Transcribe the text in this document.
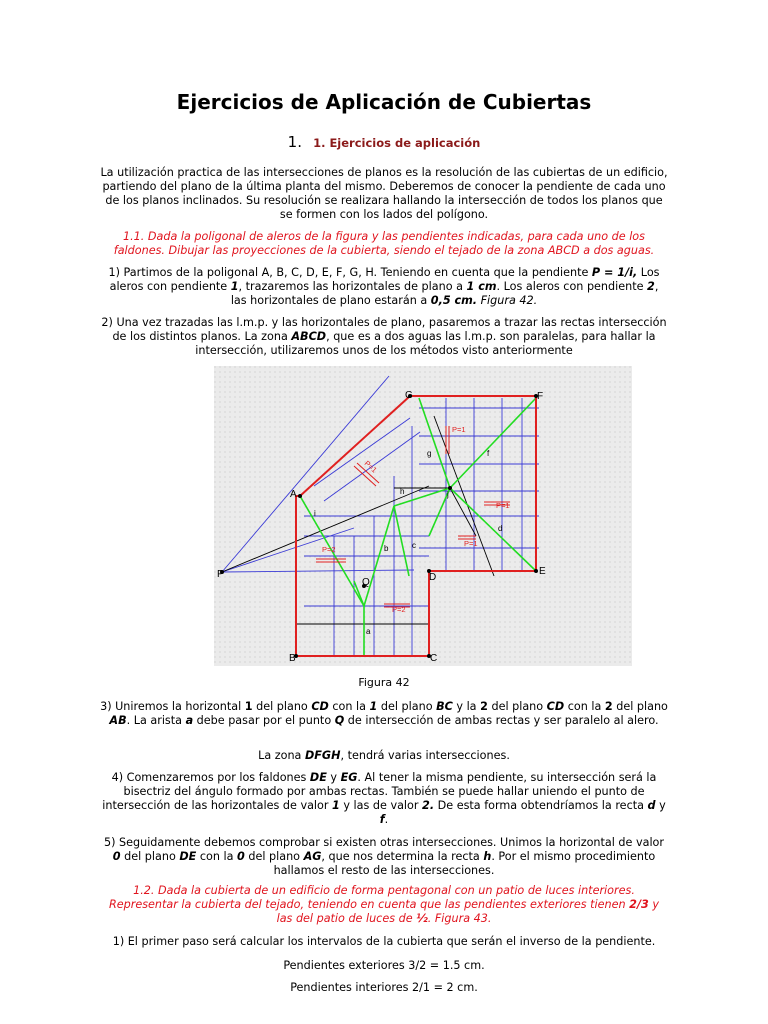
Ejercicios de Aplicación de Cubiertas
1. 1. Ejercicios de aplicación

La utilización practica de las intersecciones de planos es la resolución de las cubiertas de un edificio, partiendo del plano de la última planta del mismo. Deberemos de conocer la pendiente de cada uno de los planos inclinados. Su resolución se realizara hallando la intersección de todos los planos que se formen con los lados del polígono.

1.1. Dada la poligonal de aleros de la figura y las pendientes indicadas, para cada uno de los faldones. Dibujar las proyecciones de la cubierta, siendo el tejado de la zona ABCD a dos aguas.

1) Partimos de la poligonal A, B, C, D, E, F, G, H. Teniendo en cuenta que la pendiente P = 1/i, Los aleros con pendiente 1, trazaremos las horizontales de plano a 1 cm. Los aleros con pendiente 2, las horizontales de plano estarán a 0,5 cm. Figura 42.

2) Una vez trazadas las l.m.p. y las horizontales de plano, pasaremos a trazar las rectas intersección de los distintos planos. La zona ABCD, que es a dos aguas las l.m.p. son paralelas, para hallar la intersección, utilizaremos unos de los métodos visto anteriormente

A
B	C
D
E
F
G
P
Q
a
b	c
d
f
g
h
i
j
P=1
P=1
P=1
P=1
P=2
P=2
Figura 42

3) Uniremos la horizontal 1 del plano CD con la 1 del plano BC y la 2 del plano CD con la 2 del plano AB. La arista a debe pasar por el punto Q de intersección de ambas rectas y ser paralelo al alero.

La zona DFGH, tendrá varias intersecciones.

4) Comenzaremos por los faldones DE y EG. Al tener la misma pendiente, su intersección será la bisectriz del ángulo formado por ambas rectas. También se puede hallar uniendo el punto de intersección de las horizontales de valor 1 y las de valor 2. De esta forma obtendríamos la recta d y f.

5) Seguidamente debemos comprobar si existen otras intersecciones. Unimos la horizontal de valor 0 del plano DE con la 0 del plano AG, que nos determina la recta h. Por el mismo procedimiento hallamos el resto de las intersecciones.

1.2. Dada la cubierta de un edificio de forma pentagonal con un patio de luces interiores. Representar la cubierta del tejado, teniendo en cuenta que las pendientes exteriores tienen 2/3 y las del patio de luces de ½. Figura 43.

1) El primer paso será calcular los intervalos de la cubierta que serán el inverso de la pendiente.

Pendientes exteriores 3/2 = 1.5 cm.

Pendientes interiores 2/1 = 2 cm.
